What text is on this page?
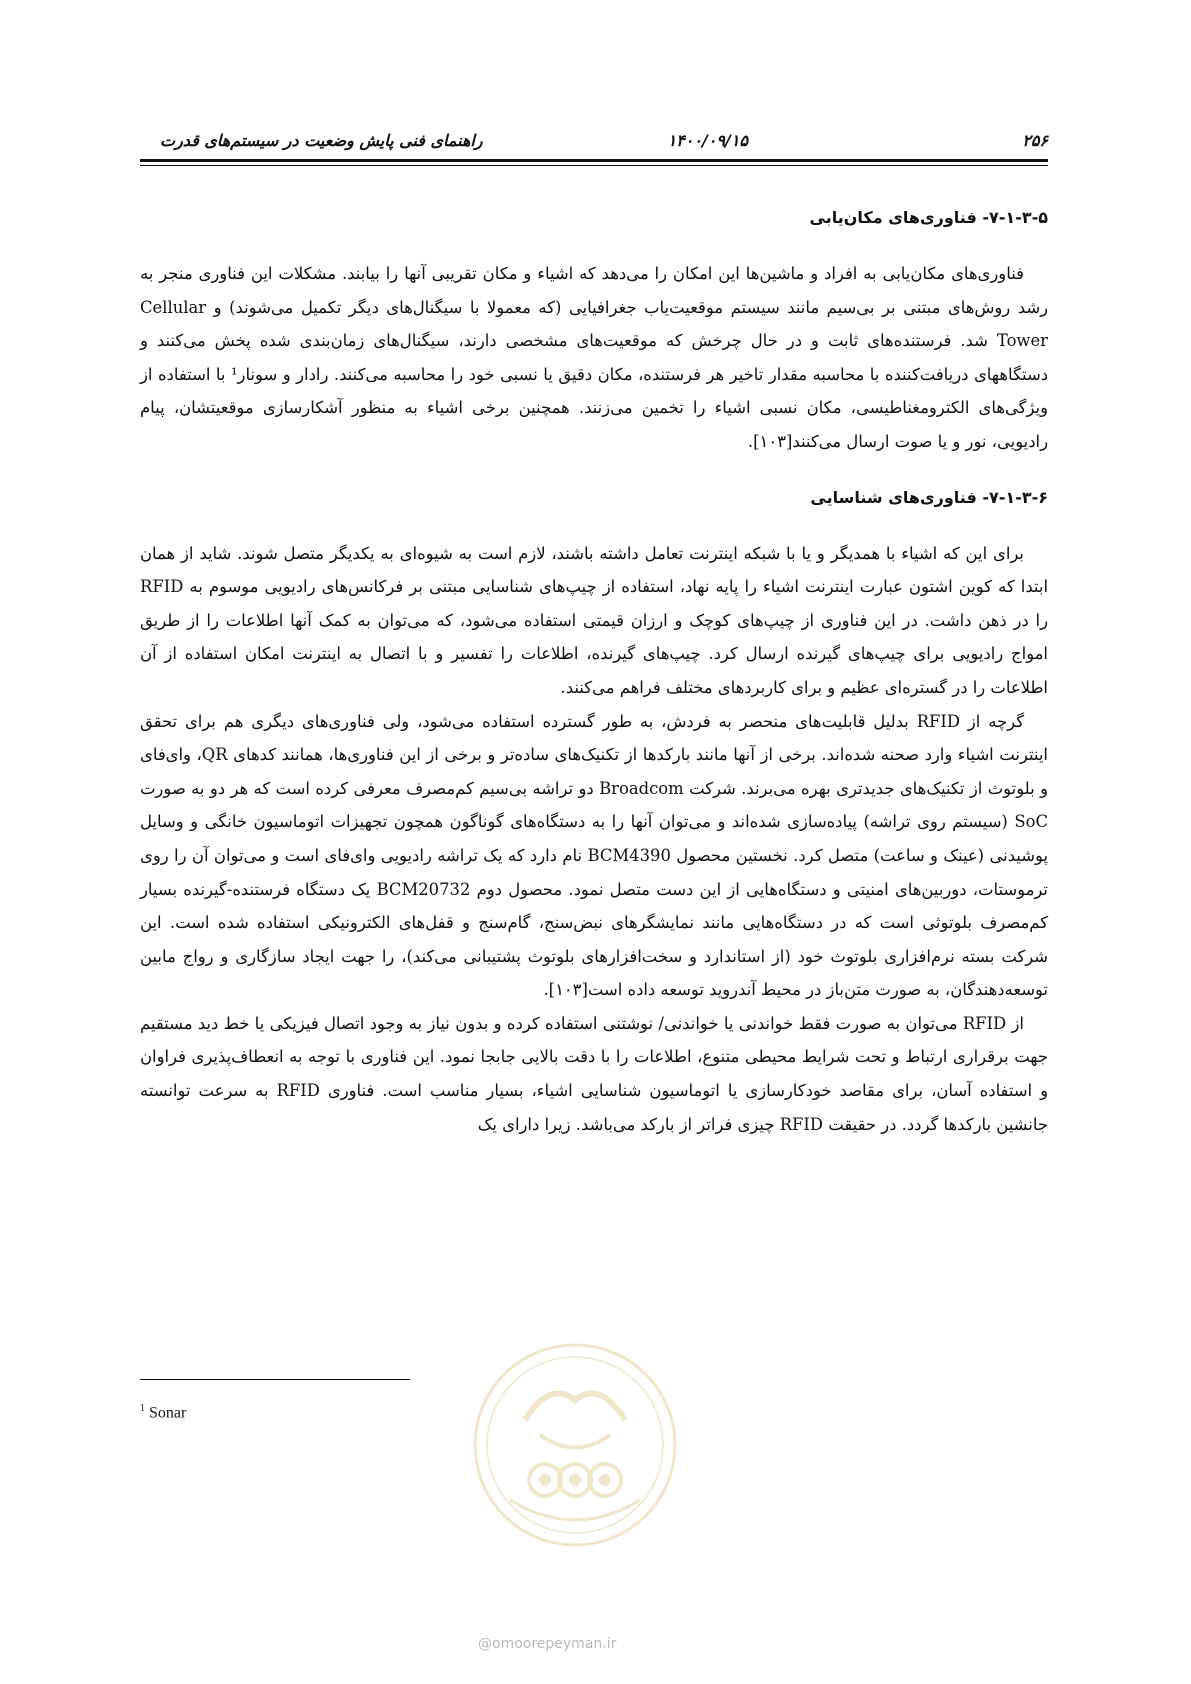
۲۵۶
۱۴۰۰/۰۹/۱۵
راهنمای فنی پایش وضعیت در سیستم‌های قدرت
۷-۱-۳-۵- فناوری‌های مکان‌یابی

فناوری‌های مکان‌یابی به افراد و ماشین‌ها این امکان را می‌دهد که اشیاء و مکان تقریبی آنها را بیابند. مشکلات این فناوری منجر به رشد روش‌های مبتنی بر بی‌سیم مانند سیستم موقعیت‌یاب جغرافیایی (که معمولا با سیگنال‌های دیگر تکمیل می‌شوند) و Cellular Tower شد. فرستنده‌های ثابت و در حال چرخش که موقعیت‌های مشخصی دارند، سیگنال‌های زمان‌بندی شده پخش می‌کنند و دستگاههای دریافت‌کننده با محاسبه مقدار تاخیر هر فرستنده، مکان دقیق یا نسبی خود را محاسبه می‌کنند. رادار و سونار¹ با استفاده از ویژگی‌های الکترومغناطیسی، مکان نسبی اشیاء را تخمین می‌زنند. همچنین برخی اشیاء به منظور آشکارسازی موقعیتشان، پیام رادیویی، نور و یا صوت ارسال می‌کنند[۱۰۳].

۷-۱-۳-۶- فناوری‌های شناسایی

برای این که اشیاء با همدیگر و یا با شبکه اینترنت تعامل داشته باشند، لازم است به شیوه‌ای به یکدیگر متصل شوند. شاید از همان ابتدا که کوین اشتون عبارت اینترنت اشیاء را پایه نهاد، استفاده از چیپ‌های شناسایی مبتنی بر فرکانس‌های رادیویی موسوم به RFID را در ذهن داشت. در این فناوری از چیپ‌های کوچک و ارزان قیمتی استفاده می‌شود، که می‌توان به کمک آنها اطلاعات را از طریق امواج رادیویی برای چیپ‌های گیرنده ارسال کرد. چیپ‌های گیرنده، اطلاعات را تفسیر و با اتصال به اینترنت امکان استفاده از آن اطلاعات را در گستره‌ای عظیم و برای کاربردهای مختلف فراهم می‌کنند.

گرچه از RFID بدلیل قابلیت‌های منحصر به فردش، به طور گسترده استفاده می‌شود، ولی فناوری‌های دیگری هم برای تحقق اینترنت اشیاء وارد صحنه شده‌اند. برخی از آنها مانند بارکدها از تکنیک‌های ساده‌تر و برخی از این فناوری‌ها، همانند کدهای QR، وای‌فای و بلوتوث از تکنیک‌های جدیدتری بهره می‌برند. شرکت Broadcom دو تراشه بی‌سیم کم‌مصرف معرفی کرده است که هر دو به صورت SoC (سیستم روی تراشه) پیاده‌سازی شده‌اند و می‌توان آنها را به دستگاه‌های گوناگون همچون تجهیزات اتوماسیون خانگی و وسایل پوشیدنی (عینک و ساعت) متصل کرد. نخستین محصول BCM4390 نام دارد که یک تراشه رادیویی وای‌فای است و می‌توان آن را روی ترموستات، دوربین‌های امنیتی و دستگاه‌هایی از این دست متصل نمود. محصول دوم BCM20732 یک دستگاه فرستنده-گیرنده بسیار کم‌مصرف بلوتوثی است که در دستگاه‌هایی مانند نمایشگرهای نبض‌سنج، گام‌سنج و قفل‌های الکترونیکی استفاده شده است. این شرکت بسته نرم‌افزاری بلوتوث خود (از استاندارد و سخت‌افزارهای بلوتوث پشتیبانی می‌کند)، را جهت ایجاد سازگاری و رواج مابین توسعه‌دهندگان، به صورت متن‌باز در محیط آندروید توسعه داده است[۱۰۳].

از RFID می‌توان به صورت فقط خواندنی یا خواندنی/ نوشتنی استفاده کرده و بدون نیاز به وجود اتصال فیزیکی یا خط دید مستقیم جهت برقراری ارتباط و تحت شرایط محیطی متنوع، اطلاعات را با دقت بالایی جابجا نمود. این فناوری با توجه به انعطاف‌پذیری فراوان و استفاده آسان، برای مقاصد خودکارسازی یا اتوماسیون شناسایی اشیاء، بسیار مناسب است. فناوری RFID به سرعت توانسته جانشین بارکدها گردد. در حقیقت RFID چیزی فراتر از بارکد می‌باشد. زیرا دارای یک

$^1$ Sonar
@omoorepeyman.ir
